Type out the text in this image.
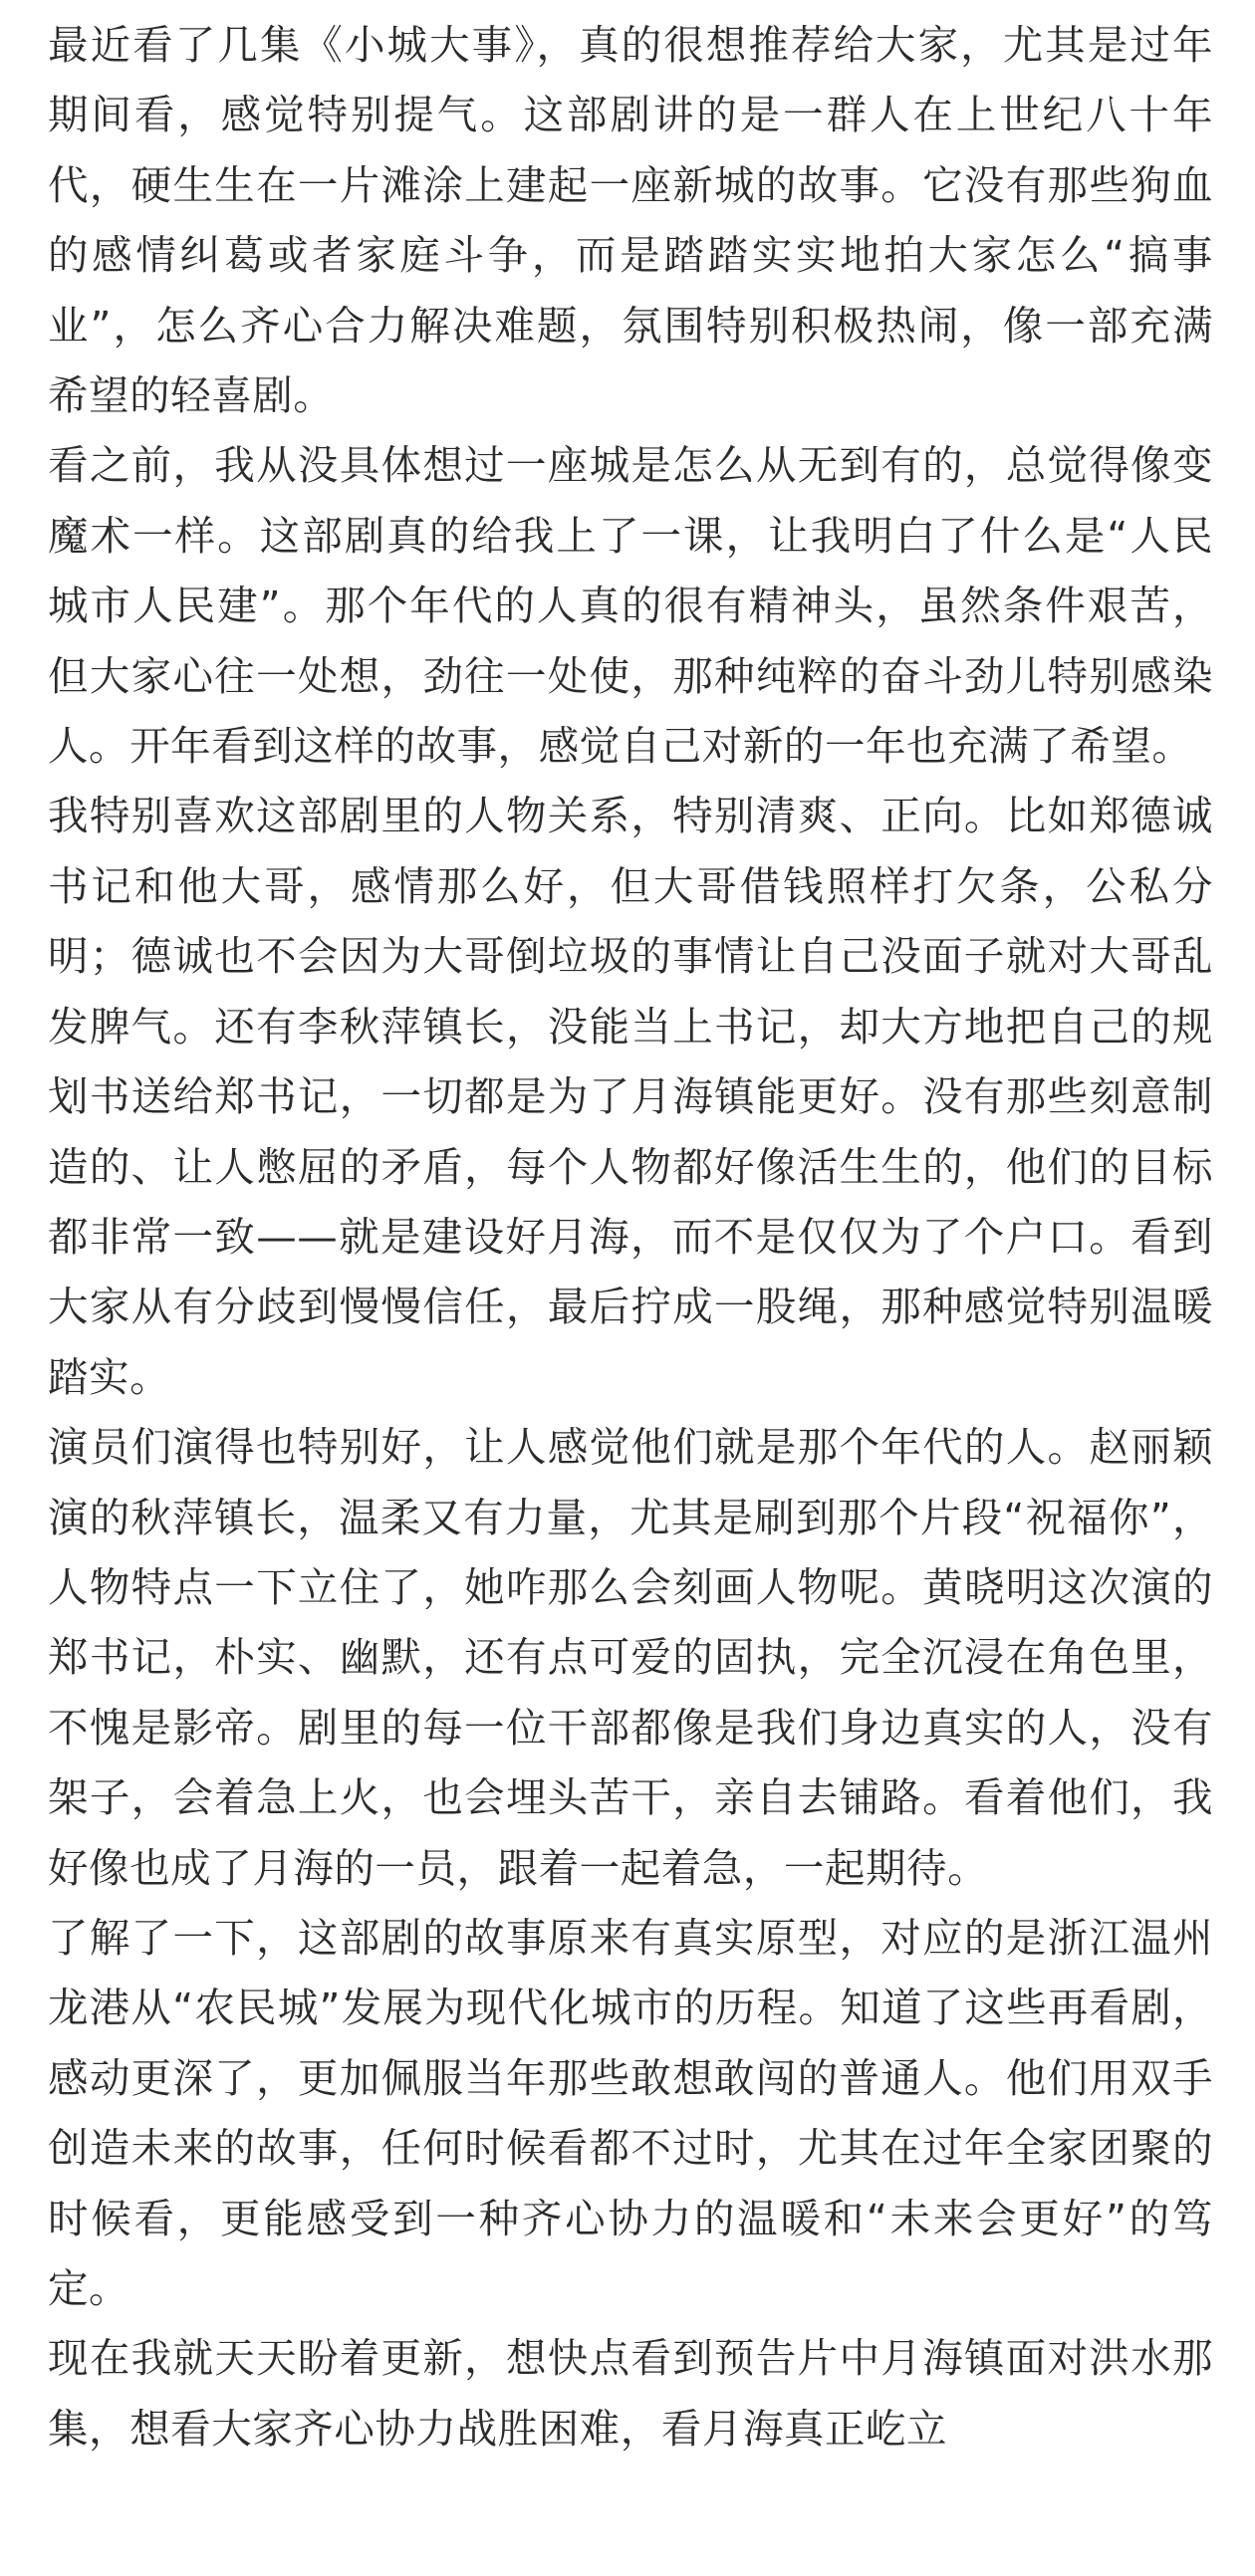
最近看了几集《小城大事》，真的很想推荐给大家，尤其是过年期间看，感觉特别提气。这部剧讲的是一群人在上世纪八十年代，硬生生在一片滩涂上建起一座新城的故事。它没有那些狗血的感情纠葛或者家庭斗争，而是踏踏实实地拍大家怎么“搞事业”，怎么齐心合力解决难题，氛围特别积极热闹，像一部充满希望的轻喜剧。

看之前，我从没具体想过一座城是怎么从无到有的，总觉得像变魔术一样。这部剧真的给我上了一课，让我明白了什么是“人民城市人民建”。那个年代的人真的很有精神头，虽然条件艰苦，但大家心往一处想，劲往一处使，那种纯粹的奋斗劲儿特别感染人。开年看到这样的故事，感觉自己对新的一年也充满了希望。

我特别喜欢这部剧里的人物关系，特别清爽、正向。比如郑德诚书记和他大哥，感情那么好，但大哥借钱照样打欠条，公私分明；德诚也不会因为大哥倒垃圾的事情让自己没面子就对大哥乱发脾气。还有李秋萍镇长，没能当上书记，却大方地把自己的规划书送给郑书记，一切都是为了月海镇能更好。没有那些刻意制造的、让人憋屈的矛盾，每个人物都好像活生生的，他们的目标都非常一致——就是建设好月海，而不是仅仅为了个户口。看到大家从有分歧到慢慢信任，最后拧成一股绳，那种感觉特别温暖踏实。

演员们演得也特别好，让人感觉他们就是那个年代的人。赵丽颖演的秋萍镇长，温柔又有力量，尤其是刷到那个片段“祝福你”，人物特点一下立住了，她咋那么会刻画人物呢。黄晓明这次演的郑书记，朴实、幽默，还有点可爱的固执，完全沉浸在角色里，不愧是影帝。剧里的每一位干部都像是我们身边真实的人，没有架子，会着急上火，也会埋头苦干，亲自去铺路。看着他们，我好像也成了月海的一员，跟着一起着急，一起期待。

了解了一下，这部剧的故事原来有真实原型，对应的是浙江温州龙港从“农民城”发展为现代化城市的历程。知道了这些再看剧，感动更深了，更加佩服当年那些敢想敢闯的普通人。他们用双手创造未来的故事，任何时候看都不过时，尤其在过年全家团聚的时候看，更能感受到一种齐心协力的温暖和“未来会更好”的笃定。

现在我就天天盼着更新，想快点看到预告片中月海镇面对洪水那集，想看大家齐心协力战胜困难，看月海真正屹立
